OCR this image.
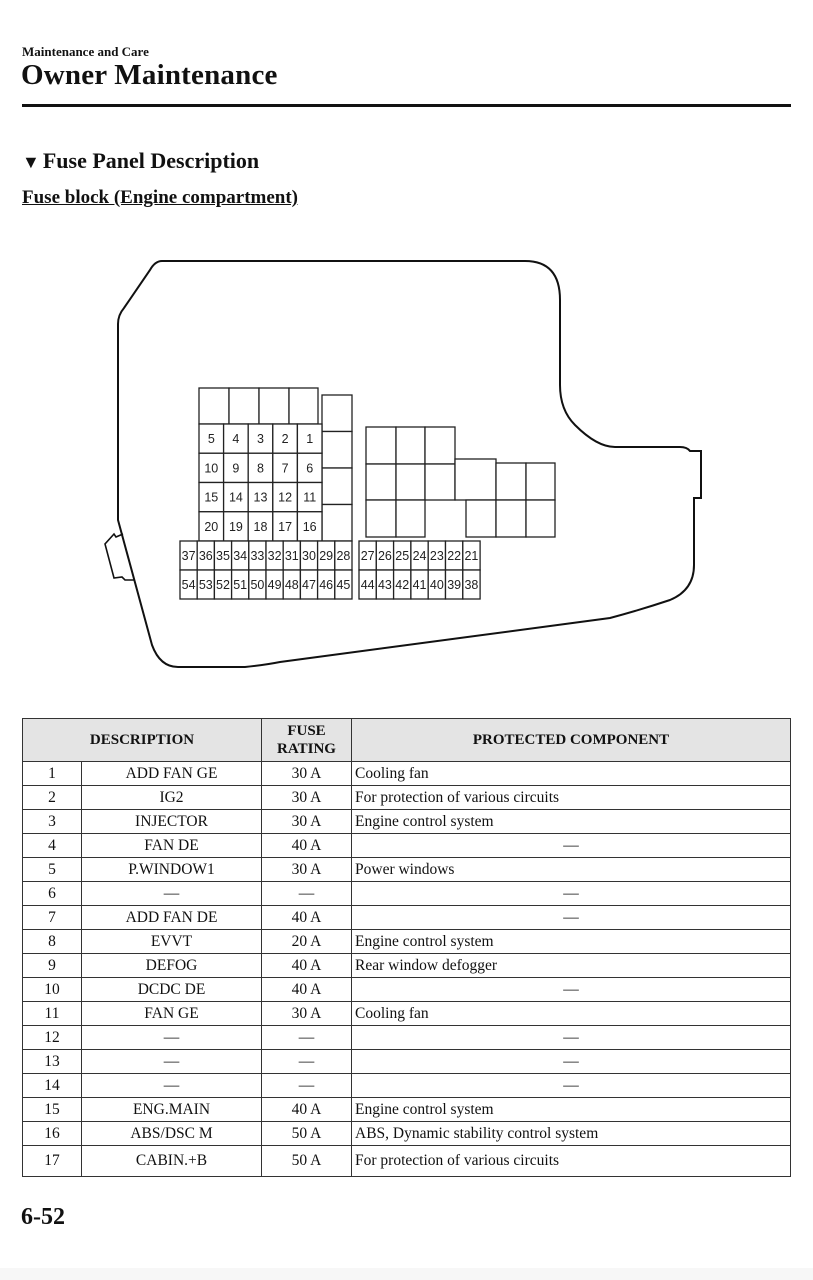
Maintenance and Care
Owner Maintenance
▼ Fuse Panel Description
Fuse block (Engine compartment)
5 4 3 2 1
10 9 8 7 6
15 14 13 12 11
20 19 18 17 16
37 36 35 34 33 32 31 30 29 28
54 53 52 51 50 49 48 47 46 45
27 26 25 24 23 22 21
44 43 42 41 40 39 38
DESCRIPTION		FUSE
RATING	PROTECTED COMPONENT
1	ADD FAN GE	30 A	Cooling fan
2	IG2	30 A	For protection of various circuits
3	INJECTOR	30 A	Engine control system
4	FAN DE	40 A	—
5	P.WINDOW1	30 A	Power windows
6	—	—	—
7	ADD FAN DE	40 A	—
8	EVVT	20 A	Engine control system
9	DEFOG	40 A	Rear window defogger
10	DCDC DE	40 A	—
11	FAN GE	30 A	Cooling fan
12	—	—	—
13	—	—	—
14	—	—	—
15	ENG.MAIN	40 A	Engine control system
16	ABS/DSC M	50 A	ABS, Dynamic stability control system
17	CABIN.+B	50 A	For protection of various circuits
6-52
